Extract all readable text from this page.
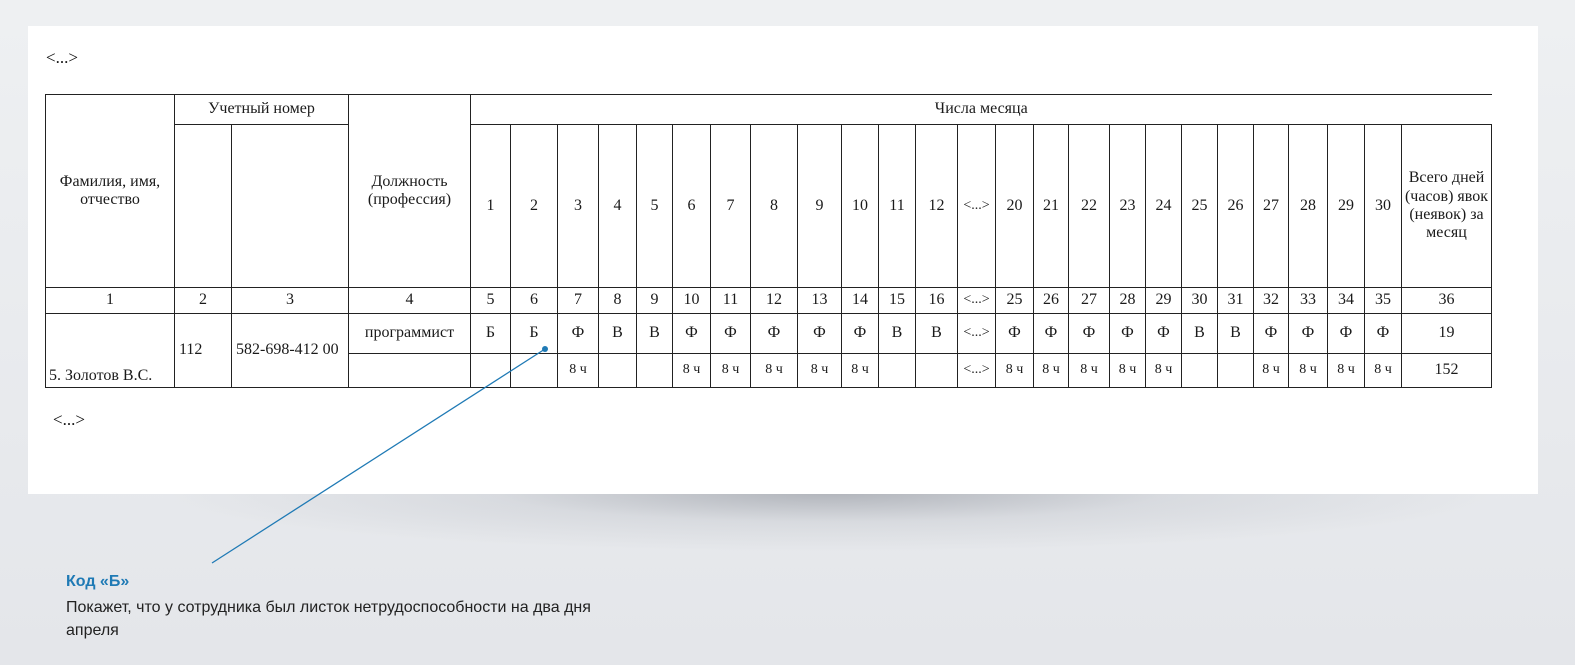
<...>
Фамилия, имя, отчество	Учетный номер		Должность (профессия)	Числа месяца																								
				1	2	3	4	5	6	7	8	9	10	11	12	<...>	20	21	22	23	24	25	26	27	28	29	30	Всего дней (часов) явок (неявок) за месяц
1	2	3	4	5	6	7	8	9	10	11	12	13	14	15	16	<...>	25	26	27	28	29	30	31	32	33	34	35	36
5. Золотов В.С.	112	582-698-412 00	программист	Б	Б	Ф	В	В	Ф	Ф	Ф	Ф	Ф	В	В	<...>	Ф	Ф	Ф	Ф	Ф	В	В	Ф	Ф	Ф	Ф	19
						8 ч			8 ч	8 ч	8 ч	8 ч	8 ч			<...>	8 ч	8 ч	8 ч	8 ч	8 ч			8 ч	8 ч	8 ч	8 ч	152
<...>
Код «Б»
Покажет, что у сотрудника был листок нетрудоспособности на два дня апреля
